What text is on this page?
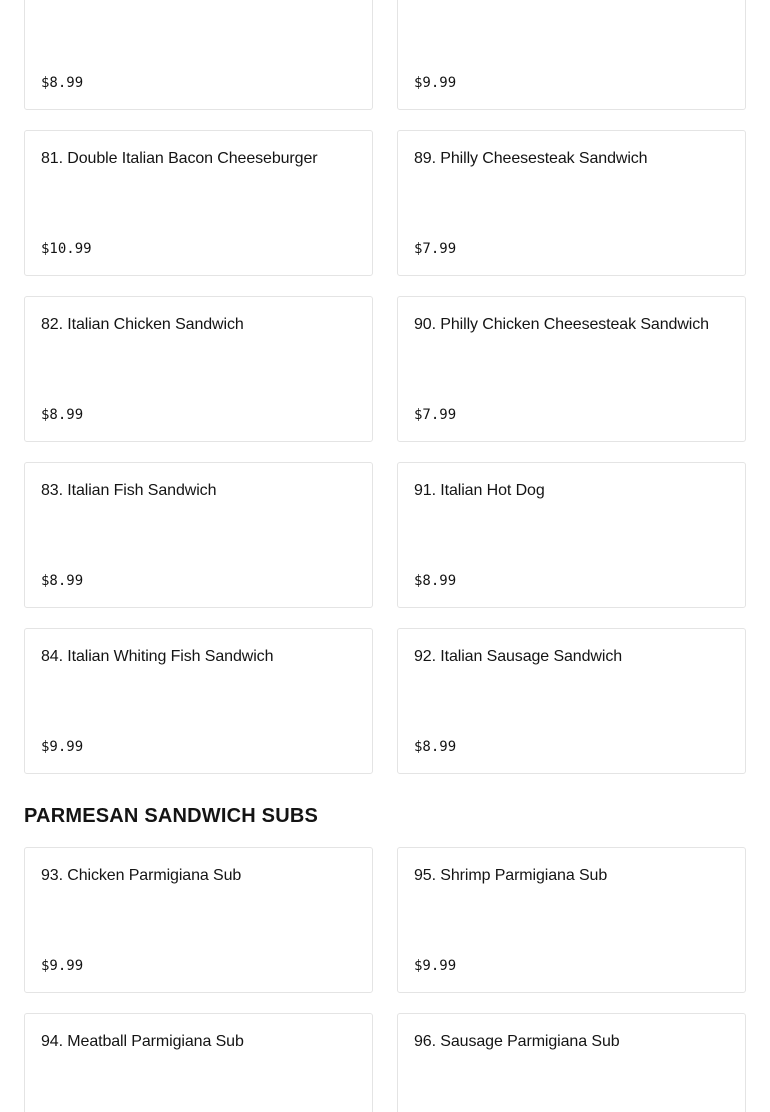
$8.99	$9.99
81. Double Italian Bacon Cheeseburger
$10.99
89. Philly Cheesesteak Sandwich
$7.99
82. Italian Chicken Sandwich
$8.99
90. Philly Chicken Cheesesteak Sandwich
$7.99
83. Italian Fish Sandwich
$8.99
91. Italian Hot Dog
$8.99
84. Italian Whiting Fish Sandwich
$9.99
92. Italian Sausage Sandwich
$8.99
PARMESAN SANDWICH SUBS
93. Chicken Parmigiana Sub
$9.99
95. Shrimp Parmigiana Sub
$9.99
94. Meatball Parmigiana Sub	96. Sausage Parmigiana Sub
